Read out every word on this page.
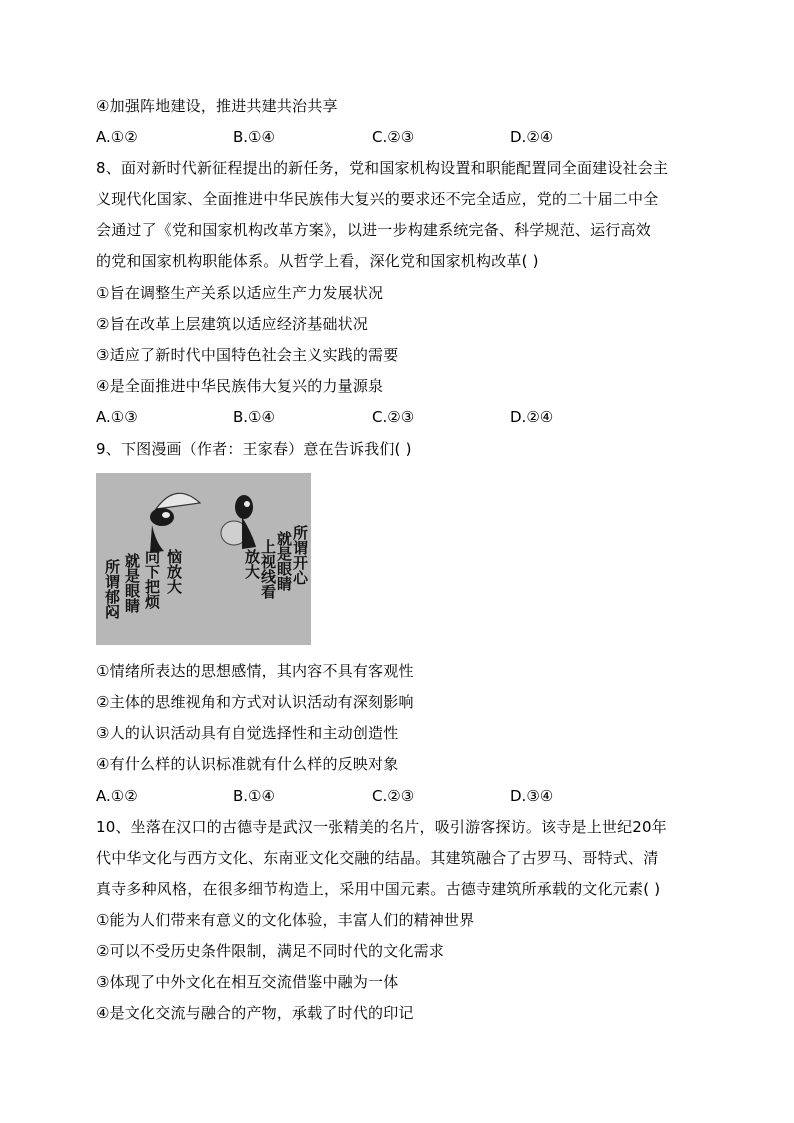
④加强阵地建设，推进共建共治共享
A.①②	B.①④	C.②③	D.②④
8、面对新时代新征程提出的新任务，党和国家机构设置和职能配置同全面建设社会主
义现代化国家、全面推进中华民族伟大复兴的要求还不完全适应，党的二十届二中全
会通过了《党和国家机构改革方案》，以进一步构建系统完备、科学规范、运行高效
的党和国家机构职能体系。从哲学上看，深化党和国家机构改革( )
①旨在调整生产关系以适应生产力发展状况
②旨在改革上层建筑以适应经济基础状况
③适应了新时代中国特色社会主义实践的需要
④是全面推进中华民族伟大复兴的力量源泉
A.①③	B.①④	C.②③	D.②④
9、下图漫画（作者：王家春）意在告诉我们( )
所谓开心
就是眼睛
上视线看
放大
所谓郁闷 就是眼睛 向下把烦 恼放大
①情绪所表达的思想感情，其内容不具有客观性
②主体的思维视角和方式对认识活动有深刻影响
③人的认识活动具有自觉选择性和主动创造性
④有什么样的认识标准就有什么样的反映对象
A.①②	B.①④	C.②③	D.③④
10、坐落在汉口的古德寺是武汉一张精美的名片，吸引游客探访。该寺是上世纪20年
代中华文化与西方文化、东南亚文化交融的结晶。其建筑融合了古罗马、哥特式、清
真寺多种风格，在很多细节构造上，采用中国元素。古德寺建筑所承载的文化元素( )
①能为人们带来有意义的文化体验，丰富人们的精神世界
②可以不受历史条件限制，满足不同时代的文化需求
③体现了中外文化在相互交流借鉴中融为一体
④是文化交流与融合的产物，承载了时代的印记
